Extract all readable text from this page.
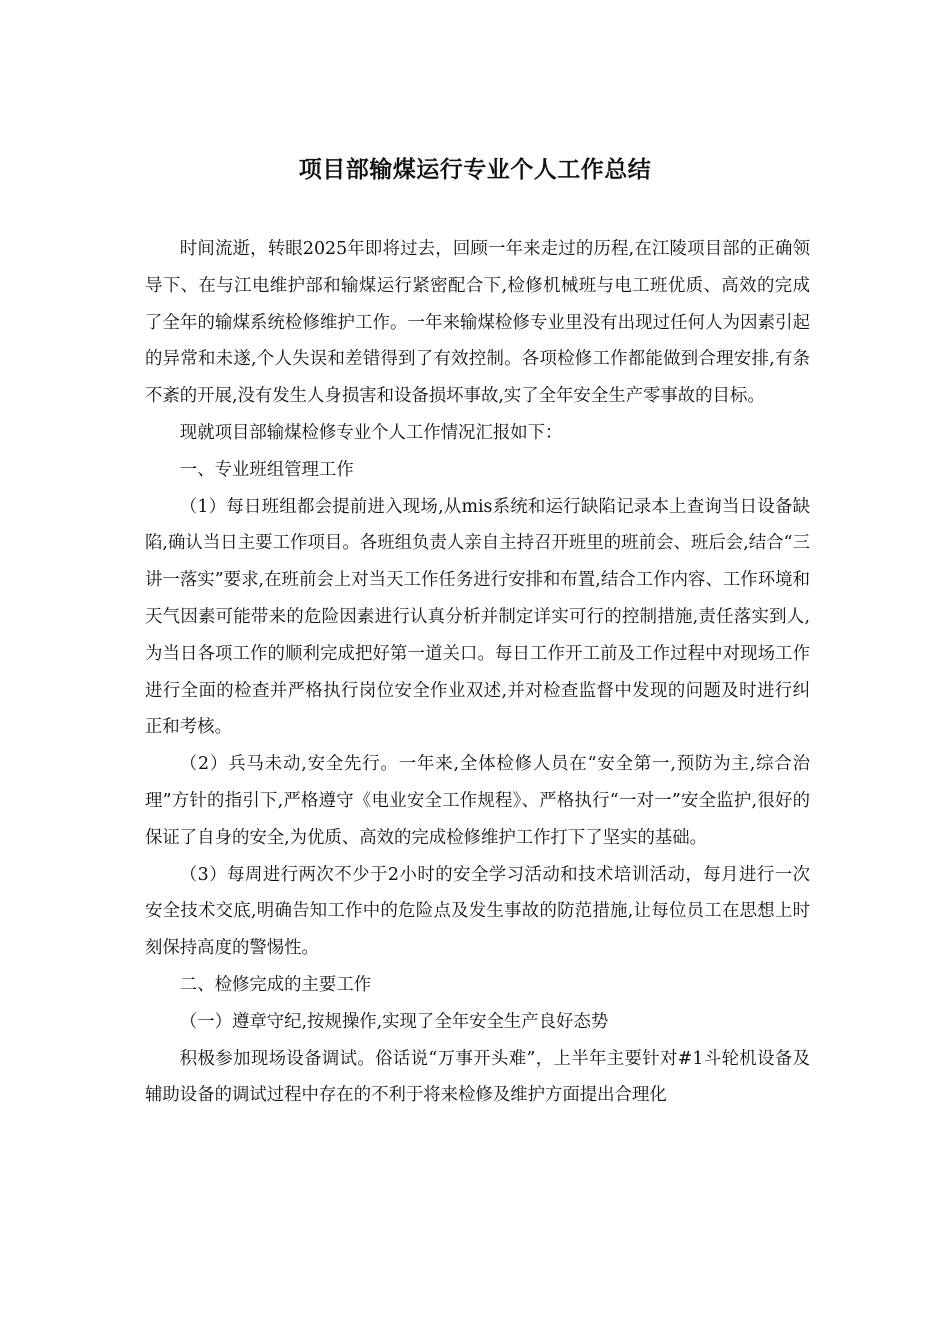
项目部输煤运行专业个人工作总结

时间流逝，转眼2025年即将过去，回顾一年来走过的历程,在江陵项目部的正确领导下、在与江电维护部和输煤运行紧密配合下,检修机械班与电工班优质、高效的完成了全年的输煤系统检修维护工作。一年来输煤检修专业里没有出现过任何人为因素引起的异常和未遂,个人失误和差错得到了有效控制。各项检修工作都能做到合理安排,有条不紊的开展,没有发生人身损害和设备损坏事故,实了全年安全生产零事故的目标。

现就项目部输煤检修专业个人工作情况汇报如下：

一、专业班组管理工作

（1）每日班组都会提前进入现场,从mis系统和运行缺陷记录本上查询当日设备缺陷,确认当日主要工作项目。各班组负责人亲自主持召开班里的班前会、班后会,结合“三讲一落实”要求,在班前会上对当天工作任务进行安排和布置,结合工作内容、工作环境和天气因素可能带来的危险因素进行认真分析并制定详实可行的控制措施,责任落实到人,为当日各项工作的顺利完成把好第一道关口。每日工作开工前及工作过程中对现场工作进行全面的检查并严格执行岗位安全作业双述,并对检查监督中发现的问题及时进行纠正和考核。

（2）兵马未动,安全先行。一年来,全体检修人员在“安全第一,预防为主,综合治理”方针的指引下,严格遵守《电业安全工作规程》、严格执行“一对一”安全监护,很好的保证了自身的安全,为优质、高效的完成检修维护工作打下了坚实的基础。

（3）每周进行两次不少于2小时的安全学习活动和技术培训活动，每月进行一次安全技术交底,明确告知工作中的危险点及发生事故的防范措施,让每位员工在思想上时刻保持高度的警惕性。

二、检修完成的主要工作

（一）遵章守纪,按规操作,实现了全年安全生产良好态势

积极参加现场设备调试。俗话说“万事开头难”，上半年主要针对#1斗轮机设备及辅助设备的调试过程中存在的不利于将来检修及维护方面提出合理化
